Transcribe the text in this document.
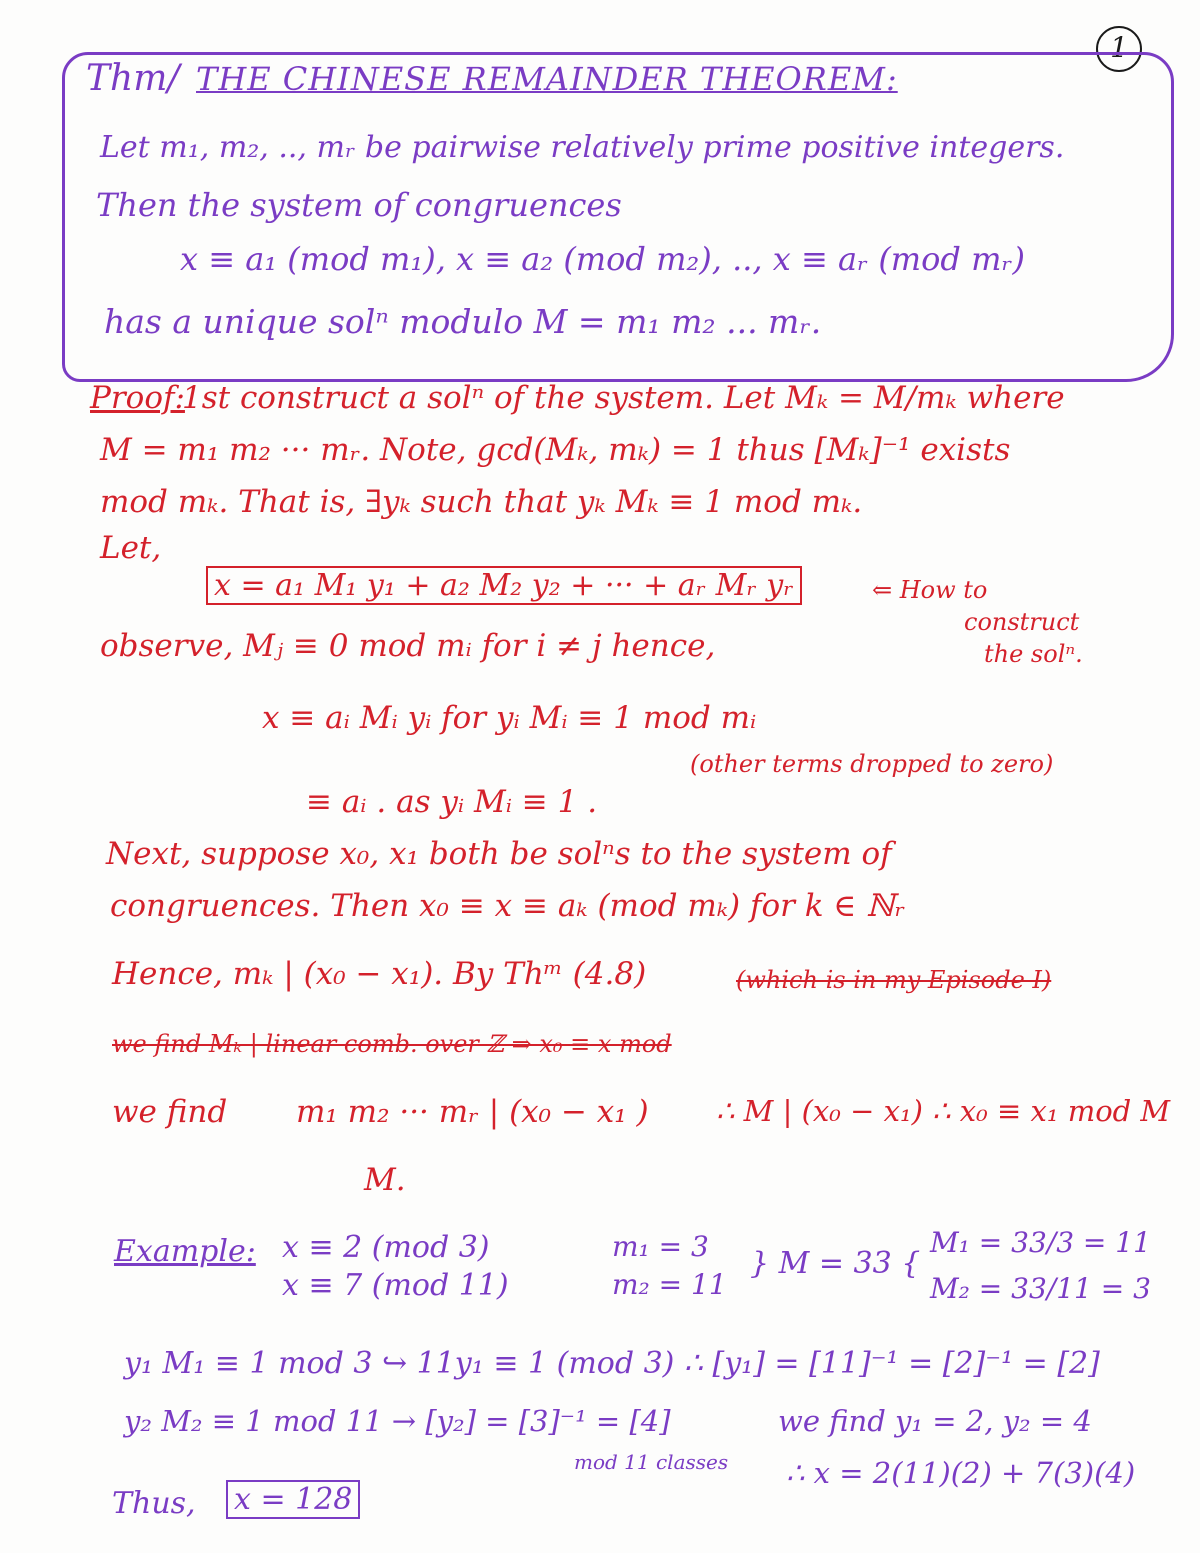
1
Thm/ THE CHINESE REMAINDER THEOREM:
Let m₁, m₂, .., mᵣ be pairwise relatively prime positive integers.
Then the system of congruences
x ≡ a₁ (mod m₁), x ≡ a₂ (mod m₂), .., x ≡ aᵣ (mod mᵣ)
has a unique solⁿ modulo M = m₁ m₂ ... mᵣ.
Proof:
1st construct a solⁿ of the system. Let Mₖ = M/mₖ where
M = m₁ m₂ ··· mᵣ. Note, gcd(Mₖ, mₖ) = 1 thus [Mₖ]⁻¹ exists
mod mₖ. That is, ∃yₖ such that yₖ Mₖ ≡ 1 mod mₖ.
Let,
x = a₁ M₁ y₁ + a₂ M₂ y₂ + ··· + aᵣ Mᵣ yᵣ	⇐ How to
construct
the solⁿ.
observe, Mⱼ ≡ 0 mod mᵢ for i ≠ j hence,
x ≡ aᵢ Mᵢ yᵢ for yᵢ Mᵢ ≡ 1 mod mᵢ
(other terms dropped to zero)
≡ aᵢ . as yᵢ Mᵢ ≡ 1 .
Next, suppose x₀, x₁ both be solⁿs to the system of
congruences. Then x₀ ≡ x ≡ aₖ (mod mₖ) for k ∈ ℕᵣ
Hence, mₖ | (x₀ − x₁). By Thᵐ (4.8)	(which is in my Episode I)
we find Mₖ | linear comb. over ℤ ⇒ x₀ ≡ x mod
we find m₁ m₂ ··· mᵣ | (x₀ − x₁ ) ∴ M | (x₀ − x₁) ∴ x₀ ≡ x₁ mod M
M.
Example: x ≡ 2 (mod 3)
x ≡ 7 (mod 11)
m₁ = 3
m₂ = 11
} M = 33 {
M₁ = 33/3 = 11
M₂ = 33/11 = 3
y₁ M₁ ≡ 1 mod 3 ↪ 11y₁ ≡ 1 (mod 3) ∴ [y₁] = [11]⁻¹ = [2]⁻¹ = [2]
y₂ M₂ ≡ 1 mod 11 → [y₂] = [3]⁻¹ = [4]	we find y₁ = 2, y₂ = 4
mod 11 classes ∴ x = 2(11)(2) + 7(3)(4)
Thus, x = 128
